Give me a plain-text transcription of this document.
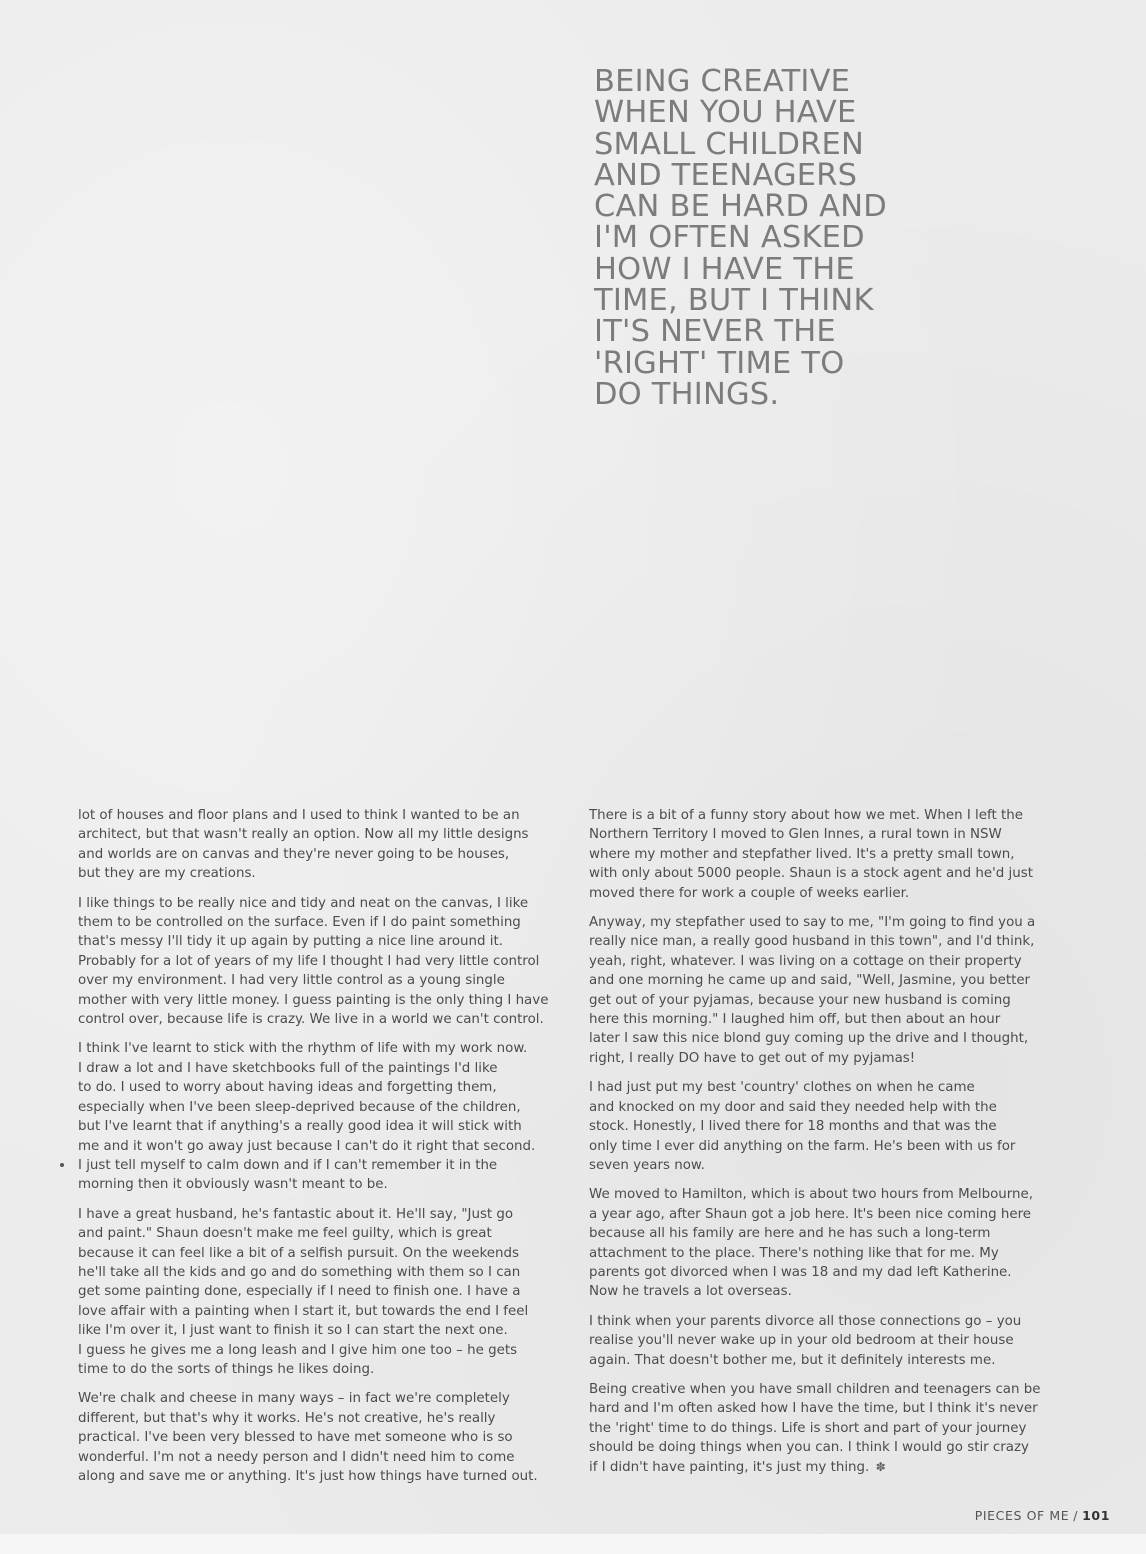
BEING CREATIVE
WHEN YOU HAVE
SMALL CHILDREN
AND TEENAGERS
CAN BE HARD AND
I'M OFTEN ASKED
HOW I HAVE THE
TIME, BUT I THINK
IT'S NEVER THE
'RIGHT' TIME TO
DO THINGS.

lot of houses and floor plans and I used to think I wanted to be an
architect, but that wasn't really an option. Now all my little designs
and worlds are on canvas and they're never going to be houses,
but they are my creations.

I like things to be really nice and tidy and neat on the canvas, I like
them to be controlled on the surface. Even if I do paint something
that's messy I'll tidy it up again by putting a nice line around it.
Probably for a lot of years of my life I thought I had very little control
over my environment. I had very little control as a young single
mother with very little money. I guess painting is the only thing I have
control over, because life is crazy. We live in a world we can't control.

I think I've learnt to stick with the rhythm of life with my work now.
I draw a lot and I have sketchbooks full of the paintings I'd like
to do. I used to worry about having ideas and forgetting them,
especially when I've been sleep-deprived because of the children,
but I've learnt that if anything's a really good idea it will stick with
me and it won't go away just because I can't do it right that second.
I just tell myself to calm down and if I can't remember it in the
morning then it obviously wasn't meant to be.

I have a great husband, he's fantastic about it. He'll say, "Just go
and paint." Shaun doesn't make me feel guilty, which is great
because it can feel like a bit of a selfish pursuit. On the weekends
he'll take all the kids and go and do something with them so I can
get some painting done, especially if I need to finish one. I have a
love affair with a painting when I start it, but towards the end I feel
like I'm over it, I just want to finish it so I can start the next one.
I guess he gives me a long leash and I give him one too – he gets
time to do the sorts of things he likes doing.

We're chalk and cheese in many ways – in fact we're completely
different, but that's why it works. He's not creative, he's really
practical. I've been very blessed to have met someone who is so
wonderful. I'm not a needy person and I didn't need him to come
along and save me or anything. It's just how things have turned out.

There is a bit of a funny story about how we met. When I left the
Northern Territory I moved to Glen Innes, a rural town in NSW
where my mother and stepfather lived. It's a pretty small town,
with only about 5000 people. Shaun is a stock agent and he'd just
moved there for work a couple of weeks earlier.

Anyway, my stepfather used to say to me, "I'm going to find you a
really nice man, a really good husband in this town", and I'd think,
yeah, right, whatever. I was living on a cottage on their property
and one morning he came up and said, "Well, Jasmine, you better
get out of your pyjamas, because your new husband is coming
here this morning." I laughed him off, but then about an hour
later I saw this nice blond guy coming up the drive and I thought,
right, I really DO have to get out of my pyjamas!

I had just put my best 'country' clothes on when he came
and knocked on my door and said they needed help with the
stock. Honestly, I lived there for 18 months and that was the
only time I ever did anything on the farm. He's been with us for
seven years now.

We moved to Hamilton, which is about two hours from Melbourne,
a year ago, after Shaun got a job here. It's been nice coming here
because all his family are here and he has such a long-term
attachment to the place. There's nothing like that for me. My
parents got divorced when I was 18 and my dad left Katherine.
Now he travels a lot overseas.

I think when your parents divorce all those connections go – you
realise you'll never wake up in your old bedroom at their house
again. That doesn't bother me, but it definitely interests me.

Being creative when you have small children and teenagers can be
hard and I'm often asked how I have the time, but I think it's never
the 'right' time to do things. Life is short and part of your journey
should be doing things when you can. I think I would go stir crazy
if I didn't have painting, it's just my thing. ✽

PIECES OF ME / 101
